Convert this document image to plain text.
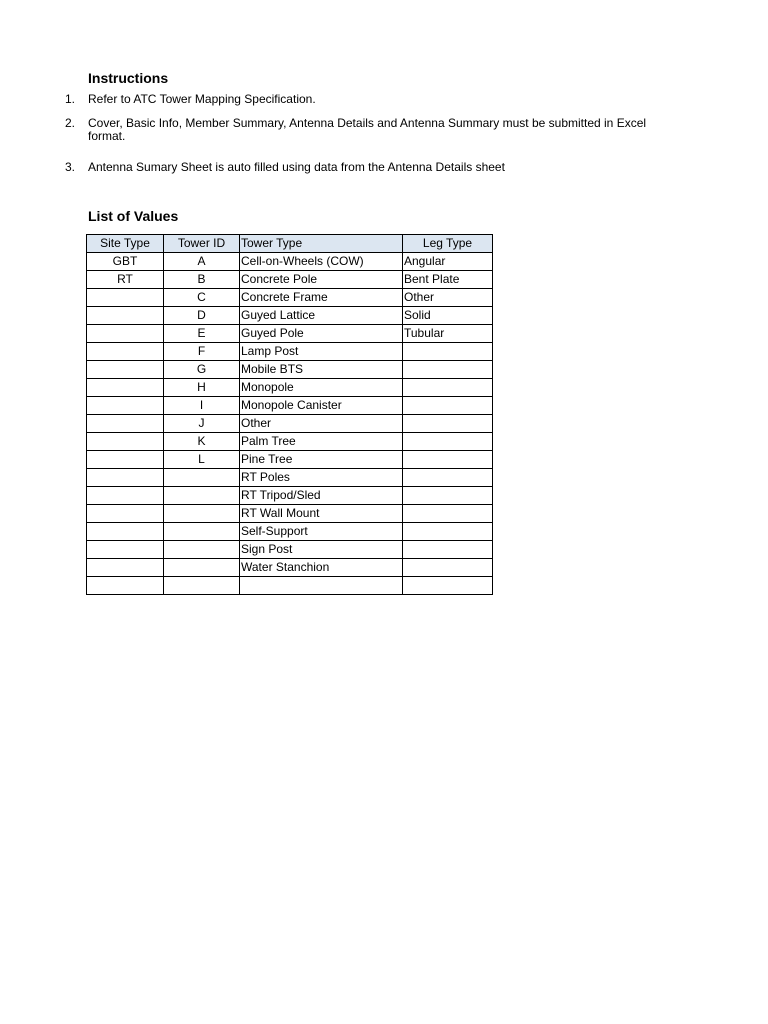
Instructions
1.	Refer to ATC Tower Mapping Specification.
2.	Cover, Basic Info, Member Summary, Antenna Details and Antenna Summary must be submitted in Excel format.
3.	Antenna Sumary Sheet is auto filled using data from the Antenna Details sheet
List of Values
Site Type	Tower ID	Tower Type	Leg Type
GBT	A	Cell-on-Wheels (COW)	Angular
RT	B	Concrete Pole	Bent Plate
	C	Concrete Frame	Other
	D	Guyed Lattice	Solid
	E	Guyed Pole	Tubular
	F	Lamp Post	
	G	Mobile BTS	
	H	Monopole	
	I	Monopole Canister	
	J	Other	
	K	Palm Tree	
	L	Pine Tree	
		RT Poles	
		RT Tripod/Sled	
		RT Wall Mount	
		Self-Support	
		Sign Post	
		Water Stanchion	
